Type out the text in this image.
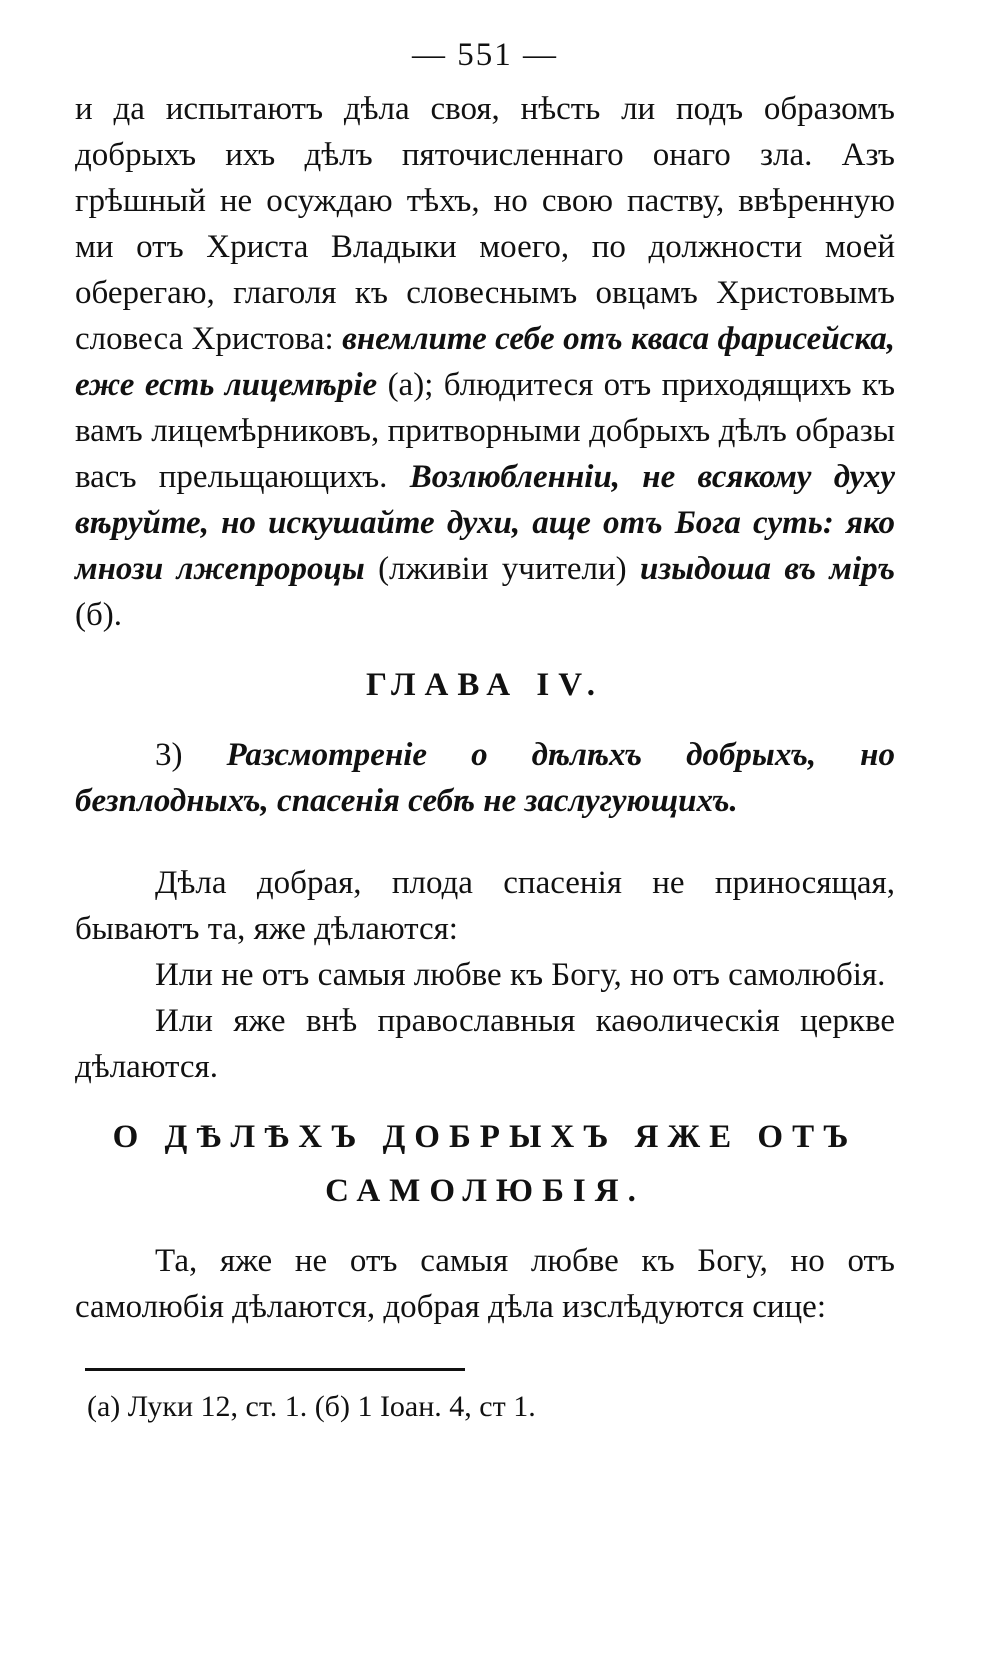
— 551 —

и да испытаютъ дѣла своя, нѣсть ли подъ образомъ добрыхъ ихъ дѣлъ пяточисленнаго онаго зла. Азъ грѣшный не осуждаю тѣхъ, но свою паству, ввѣренную ми отъ Христа Владыки моего, по должности моей оберегаю, глаголя къ словеснымъ овцамъ Христовымъ словеса Христова: внемлите себе отъ кваса фарисейска, еже есть лицемѣріе (а); блюдитеся отъ приходящихъ къ вамъ лицемѣрниковъ, притворными добрыхъ дѣлъ образы васъ прельщающихъ. Возлюбленніи, не всякому духу вѣруйте, но искушайте духи, аще отъ Бога суть: яко мнози лжепророцы (лживіи учители) изыдоша въ міръ (б).

ГЛАВА IV.

3) Разсмотреніе о дѣлѣхъ добрыхъ, но безплодныхъ, спасенія себѣ не заслугующихъ.

Дѣла добрая, плода спасенія не приносящая, бываютъ та, яже дѣлаются:

Или не отъ самыя любве къ Богу, но отъ самолюбія.

Или яже внѣ православныя каѳолическія церкве дѣлаются.

О ДѢЛѢХЪ ДОБРЫХЪ ЯЖЕ ОТЪ
САМОЛЮБІЯ.

Та, яже не отъ самыя любве къ Богу, но отъ самолюбія дѣлаются, добрая дѣла изслѣдуются сице:

(а) Луки 12, ст. 1. (б) 1 Іоан. 4, ст 1.
